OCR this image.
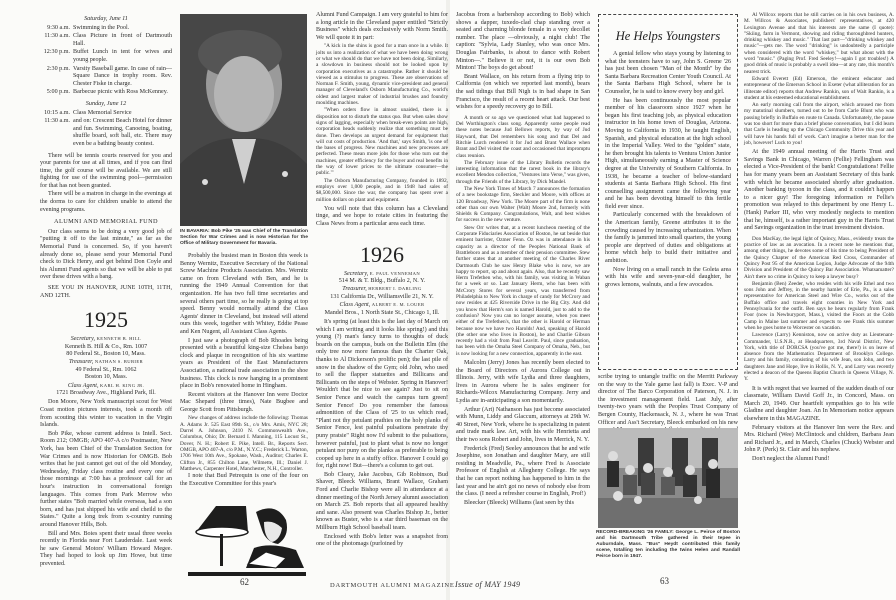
Saturday, June 11
9:30 a.m. Swimming in the Pool.
11:30 a.m. Class Picture in front of Dartmouth Hall.
12:30 p.m. Buffet Lunch in tent for wives and young people.
2:30 p.m. Varsity Baseball game. In case of rain—Square Dance in trophy room. Rev. Chester Fiske in charge.
5:00 p.m. Barbecue picnic with Ross McKenney.
Sunday, June 12
10:15 a.m. Class Memorial Service
11:30 a.m. and on: Crescent Beach Hotel for dinner and fun. Swimming, Canoeing, boating, shuffle board, soft ball, etc. There may even be a bathing beauty contest.

There will be tennis courts reserved for you and your parents for use at all times, and if you can find time, the golf course will be available. We are still fighting for use of the swimming pool—permission for that has not been granted.

There will be a matron in charge in the evenings at the dorms to care for children unable to attend the evening programs.

ALUMNI AND MEMORIAL FUND

Our class seems to be doing a very good job of "putting it off to the last minute," as far as the Memorial Fund is concerned. So, if you haven't already done so, please send your Memorial Fund check to Dick Henry, and get behind Don Coyle and his Alumni Fund agents so that we will be able to put over these drives with a bang.

SEE YOU IN HANOVER, JUNE 10TH, 11TH, AND 12TH.

1925
Secretary, KENNETH B. HILL
Kenneth B. Hill & Co., Rm. 1007
80 Federal St., Boston 10, Mass.
Treasurer, NATHAN S. BUBIER
49 Federal St., Rm. 1062
Boston 10, Mass.
Class Agent, KARL H. KING JR.
1721 Broadway Ave., Highland Park, Ill.

Don Moore, New York manuscript scout for West Coast motion pictures interests, took a month off from scouting this winter to vacation in the Virgin Islands.

Bob Pike, whose current address is Intell. Sect. Room 212; OMGB; APO 407-A c/o Postmaster, New York, has been Chief of the Translation Section for War Crimes and is now Historian for OMGB. Bob writes that he just cannot get out of the old Monday, Wednesday, Friday class routine and every one of those mornings at 7:00 has a professor call for an hour's instruction in conversational foreign languages. This comes from Park Merrow who further states "Bob married while overseas, had a son born, and has just shipped his wife and cheild to the States." Quite a long trek from x-country running around Hanover Hills, Bob.

Bill and Mrs. Boies spent their usual three weeks recently in Florida near Fort Lauderdale. Last week he saw General Motors' William Howard Megee. They had hoped to look up Jim Howe, but time prevented.

IN BAVARIA: Bob Pike '25 was Chief of the Translation Section for War Crimes and is now Historian for the Office of Military Government for Bavaria.

Probably the busiest man in Boston this week is Benny Wernitz, Executive Secretary of the National Screw Machine Products Association. Mrs. Wernitz came on from Cleveland with Ben, and he is running the 1949 Annual Convention for that organization. He has two full time secretaries and several others part time, so he really is going at top speed. Benny would normally attend the Class Agents' dinner in Cleveland, but instead will attend ours this week, together with Whitey, Eddie Pease and Ken Nugent, all Assistant Class Agents.

I just saw a photograph of Bob Rhoades being presented with a beautiful king-size Chelsea banjo clock and plaque in recognition of his six wartime years as President of the East Manufacturers Association, a national trade association in the shoe business. This clock is now hanging in a prominent place in Bob's renovated home in Hingham.

Recent visitors at the Hanover Inn were Doctor Mac Shepard (three times), Nate Bugbee and George Scott from Pittsburgh.

New changes of address include the following: Thomas A. Adams Jr. 525 East 89th St., c/o Mrs. Amis, NYC 28; Darrel A. Johnson, 2410 N. Commonwealth Ave., Columbus, Ohio; Dr. Bernard I. Manning, 115 Locust St., Dover, N. H.; Robert E. Pike, Intell. Br., Reports Sect. OMGB, APO 407-A, c/o P.M., N.Y.C.; Frederick L. Warton, 1706 West 10th Ave., Spokane, Wash., Auditor; Charles E. Clifton Jr., 855 Chilton Lane, Wilmette, Ill.; Daniel J. Matthews, Carpenter Hotel, Manchester, N.H., Controller.

I note that Bud Petrequin is one of the four on the Executive Committee for this year's

62

Alumni Fund Campaign. I am very grateful to him for a long article in the Cleveland paper entitled "Strictly Business" which deals exclusively with Norm Smith. We will quote it in part:

"A kick in the shins is good for a man once in a while. It jolts us into a realization of what we have been doing wrong or what we should do that we have not been doing. Similarly, a slowdown in business should not be looked upon by corporation executives as a catastrophe. Rather it should be viewed as a stimulus to progress. These are observations of Norman F. Smith, young, dynamic vice-president and general manager of Cleveland's Osborn Manufacturing Co., world's oldest and largest maker of industrial brushes and foundry moulding machines.

"When orders flow in almost unaided, there is a disposition not to disturb the status quo. But when sales show signs of lagging, especially when break-even points are high, corporation heads suddenly realize that something must be done. Then develops an urgent demand for equipment that will cut costs of production. 'And that,' says Smith, 'is one of the bases of progress. New machines and new processes are perfected. These mean more jobs for those who turn out the machines, greater efficiency for the buyer and real benefits in the way of lower prices to the ultimate consumer—the public.'"

The Osborn Manufacturing Company, founded in 1892, employs over 1,000 people, and in 1948 had sales of $8,500,000. Since the war, the company has spent over a million dollars on plant and equipment.

You will note that this column has a Cleveland tinge, and we hope to rotate cities in featuring the Class News from a particular area each time.

1926
Secretary, E. PAUL VENNEMAN
514 M. & T. Bldg., Buffalo 2, N. Y.
Treasurer, HERBERT I. DARLING
131 California Dr., Williamsville 21, N. Y.
Class Agent, ALBERT E. M. LOUER
Mandel Bros., 1 North State St., Chicago 1, Ill.

It's spring (at least this is the last day of March on which I am writing and it looks like spring!) and this young (?) man's fancy turns to thoughts of duck boards on the campus, buds on the Bulletin Elm (the only tree now more famous than the Charter Oak, thanks to Al Dickerson's prolific pen); the last pile of snow in the shadow of the Gym; old John, who used to sell the flapper statuettes and Billicans and Billicants on the steps of Webster. Spring in Hanover! Wouldn't that be nice to see again? Just to sit on Senior Fence and watch the campus turn green! Senior Fence! Do you remember the famous admonition of the Class of '25 to us which read, "Plant not thy petulant prathies on the holy planks of Senior Fence, lest painful pulsations penetrate thy puny pratsie" Right now I'd submit to the pulsations, however painful, just to plant what is now no longer petulant nor puny on the planks as preferable to being cooped up here in a stuffy office. Hanover I could go for, right now! But—there's a column to get out.

Bob Cleary, Jake Jacobus, Gib Robinson, Bud Shaver, Bleeck Williams, Brant Wallace, Graham Ford and Charlie Bishop were all in attendance at a dinner meeting of the North Jersey alumni association on March 25. Bob reports that all appeared healthy and sane. Also present was Charles Bishop Jr., better known as Buster, who is a star third baseman on the Millburn High School baseball team.

Enclosed with Bob's letter was a snapshot from one of the photomags (purloined by

DARTMOUTH ALUMNI MAGAZINE

Jacobus from a barbershop according to Bob) which shows a dapper, tuxedo-clad chap standing over a seated and charming blonde female in a very decollet number. The place —obviously, a night club! The caption: "Sylvia, Lady Stanley, who was once Mrs. Douglas Fairbanks, is about to dance with Robert Minton—." Believe it or not, it is our own Bob Minton! The boys do get about!

Brant Wallace, on his return from a flying trip to California (on which we reported last month), bears the sad tidings that Bill Nigh is in bad shape in San Francisco, the result of a recent heart attack. Our best wishes for a speedy recovery go to Bill.

A month or so ago we questioned what had happened to Del Worthington's class song. Apparently some people read these notes because Jud Bellows reports, by way of Jud Hayward, that Del remembers his song and that Del and Ritchie Lurch rendered it for Jud and Brant Wallace when Brant and Del visited the coast and occasioned that impromptu class reunion.

The February issue of the Library Bulletin records the interesting information that the rarest book in the library's excellent Mendon collection, "Ventures into Verse," was given, through the Friends of the Library, by Dick Mandel.

The New York Times of March 7 announces the formation of a new bookstage firm, Steckler and Moore, with offices at 120 Broadway, New York. The Moore part of the firm is none other than our own Walter (Walt) Moore 2nd, formerly with Shields & Company. Congratulations, Walt, and best wishes for success in the new venture.

Stew Orr writes that, at a recent luncheon meeting of the Corporate Fiduciaries Association of Boston, he sat beside that eminent barrister, Ozmer Fenn. Oz was in attendance in his capacity as a director of the Peoples National Bank of Brattleboro and as a member of their pension committee. Stew further states that at another meeting of the Charles River Dartmouth Club he saw Henry Blake who is now, we are happy to report, up and about again. Also, that he recently saw Herm Trefethen who, with his family, was visiting in Waban for a week or so. Last January Herm, who has been with McCrory Stores for several years, was transferred from Philadelphia to New York in charge of candy for McCrory and now resides at 425 Riverside Drive in the Big City. And did you know that Herm's son is named Harold, just to add to the confusion? Now you can no longer assume, when you meet either of the Trefethen's, that the other is Harold or Herman because now we have two Harolds! And, speaking of Harold (the other one who lives in Boston), he and Charlie Gibson recently had a visit from Paul Leavitt. Paul, since graduation, has been with the Omaha Steel Company of Omaha, Neb., but is now looking for a new connection, apparently in the east.

Malcolm (Jerry) Jones has recently been elected to the Board of Directors of Aurora College out in Illinois. Jerry, with wife Lydia and three daughters, lives in Aurora where he is sales engineer for Richards-Wilcox Manufacturing Company. Jerry and Lydia are in-anticipating a son momentarily.

Arthur (Art) Nathanson has just become associated with Munn, Liddy and Glaccum, attorneys at 29th W. 40 Street, New York, where he is specializing in patent and trade mark law. Art, with his wife Henrietta and their two sons Robert and John, lives in Merrick, N. Y.

Frederick (Fred) Seeley announces that he and wife Josephine, son Jonathan and daughter Mary, are still residing in Meadville, Pa., where Fred is Associate Professor of English at Allegheny College. He says that he can report nothing has happened to him in the last year and he ain't got no news of nobody else from the class. (I need a refresher course in English, Prof!)

Bleecker (Bleeck) Williams (last seen by this

Issue of MAY 1949
He Helps Youngsters

A genial fellow who stays young by listening to what the teensters have to say, John S. Greene '26 has just been chosen "Man of the Month" by the Santa Barbara Recreation Center Youth Council. At the Santa Barbara High School, where he is Counselor, he is said to know every boy and girl.

He has been continuously the most popular member of his classroom since 1927 when he began his first teaching job, as physical education instructor in his home town of Douglas, Arizona. Moving to California in 1930, he taught English, Spanish, and physical education at the high school in the Imperial Valley. Wed to the "golden" state, he then brought his talents to Ventura Union Junior High, simultaneously earning a Master of Science degree at the University of Southern California. In 1938, he became a teacher of below-standard students at Santa Barbara High School. His first counselling assignment came the following year and he has been devoting himself to this fertile field ever since.

Particularly concerned with the breakdown of the American family, Greene attributes it to the crowding caused by increasing urbanization. When the family is jammed into small quarters, the young people are deprived of duties and obligations at home which help to build their initiative and ambition.

Now living on a small ranch in the Goleta area with his wife and seven-year-old daughter, he grows lemons, walnuts, and a few avocados.

scribe trying to untangle traffic on the Merritt Parkway on the way to the Yale game last fall) is Exec. V-P and director of The Barco Corporation of Paterson, N. J. in the investment management field. Last July, after twenty-two years with the Peoples Trust Company of Bergen County, Hackensack, N. J., where he was Trust Officer and Ass't Secretary, Bleeck embarked on his new

RECORD-BREAKING '26 FAMILY: George L. Peirce of Boston and his Dartmouth Tribe gathered in their tepee in Auburndale, Mass. "Bus" Heydt contributed this family scene, totalling ten including the twins Helen and Randall Peirce born in 1947.
63

Al Willcox reports that he still carries on in his own business, A. M. Willcox & Associates, publishers' representatives, at 420 Lexington Avenue and that his interests are the same (I quote): "Skiing, farm in Vermont, showing and riding thoroughbred hunters, drinking whiskey and music." That last part—"drinking whiskey and music"—gets me. The word "drinking" is undoubtedly a participle when considered with the word "whiskey," but what about with the word "music." (Paging Prof. Fred Seeley!—again I got troubles!) A good drink of music is probably a swell idea—at any rate, this month's nearest trick.

Edward Everett (Ed) Emerson, the eminent educator and entrepreneur of the Emerson School in Exeter (what alliteration for an illiterate editor) reports that Andrew Rankin, son of Walt Rankin, is a student at his esteemed educational establishment.

An early morning call from the airport, which aroused me from my matutinal slumbers, turned out to be from Carle Blunt who was passing briefly in Buffalo en route to Canada. Unfortunately, the pause was too short for more than a brief phone conversation, but I did learn that Carle is heading up the Chicago Community Drive this year and will have his hands full of work. Can't imagine a better man for the job, however! Luck to you!

At the 1949 annual meeting of the Harris Trust and Savings Bank in Chicago, Warren (Fellie) Fellingham was elected a Vice-President of the bank! Congratulations! Fellie has for many years been an Assistant Secretary of this bank with which he became associated shortly after graduation. Another banking tycoon in the class, and it couldn't happen to a nicer guy! The foregoing information re Fellie's promotion was relayed to this department by one Henry L. (Hank) Parker III, who very modestly neglects to mention that he, himself, is a rather important guy in the Harris Trust and Savings organization in the trust investment division.

Don MacKay, the legal light of Quincy, Mass., evidently treats the practice of law as an avocation. In a recent note he mentions that, among other things, he devotes some of his time to being President of the Quincy Chapter of the American Red Cross, Commander of Quincy Post 95 of the American Legion, Judge Advocate of the 94th Division and President of the Quincy Bar Association. Whatsamatter? Ain't there no crime in Quincy to keep a lawyer busy?

Benjamin (Ben) Zeeder, who resides with his wife Ethel and two sons John and Jeffrey, in the nearby hamlet of Erie, Pa., is a sales representative for American Steel and Wire Co., works out of the Buffalo office and travels eight counties in New York and Pennsylvania for the outfit. Ben says he hears regularly from Frank Foor (now in Newburyport, Mass.), visited the Foors at the Cobb Camp in Maine last summer and expects to see Frank this summer when he goes home to Worcester on vacation.

Lawrence (Larry) Kenniston, now on active duty as Lieutenant-Commander, U.S.N.R., at Headquarters, 3rd Naval District, New York, with title of DORCSA (you've got me, there!) is on leave of absence from the Mathematics Department of Brooklyn College. Larry and his family, consisting of his wife Jean, son John, and two daughters Jane and Hope, live in Hollis, N. Y., and Larry was recently elected a deacon of the Queens Baptist Church in Queens Village, N. Y.

It is with regret that we learned of the sudden death of our classmate, William David Goff Jr., in Concord, Mass. on March 20, 1949. Our heartfelt sympathies go to his wife Gladine and daughter Joan. An In Memoriam notice appears elsewhere in this MAGAZINE.

February visitors at the Hanover Inn were the Rev. and Mrs. Richard (Wee) McClintock and children, Barbara Jean and Richard Jr., and in March, Charles (Chuck) Webster and John P. (Perk) St. Clair and his nephew.

Don't neglect the Alumni Fund!
